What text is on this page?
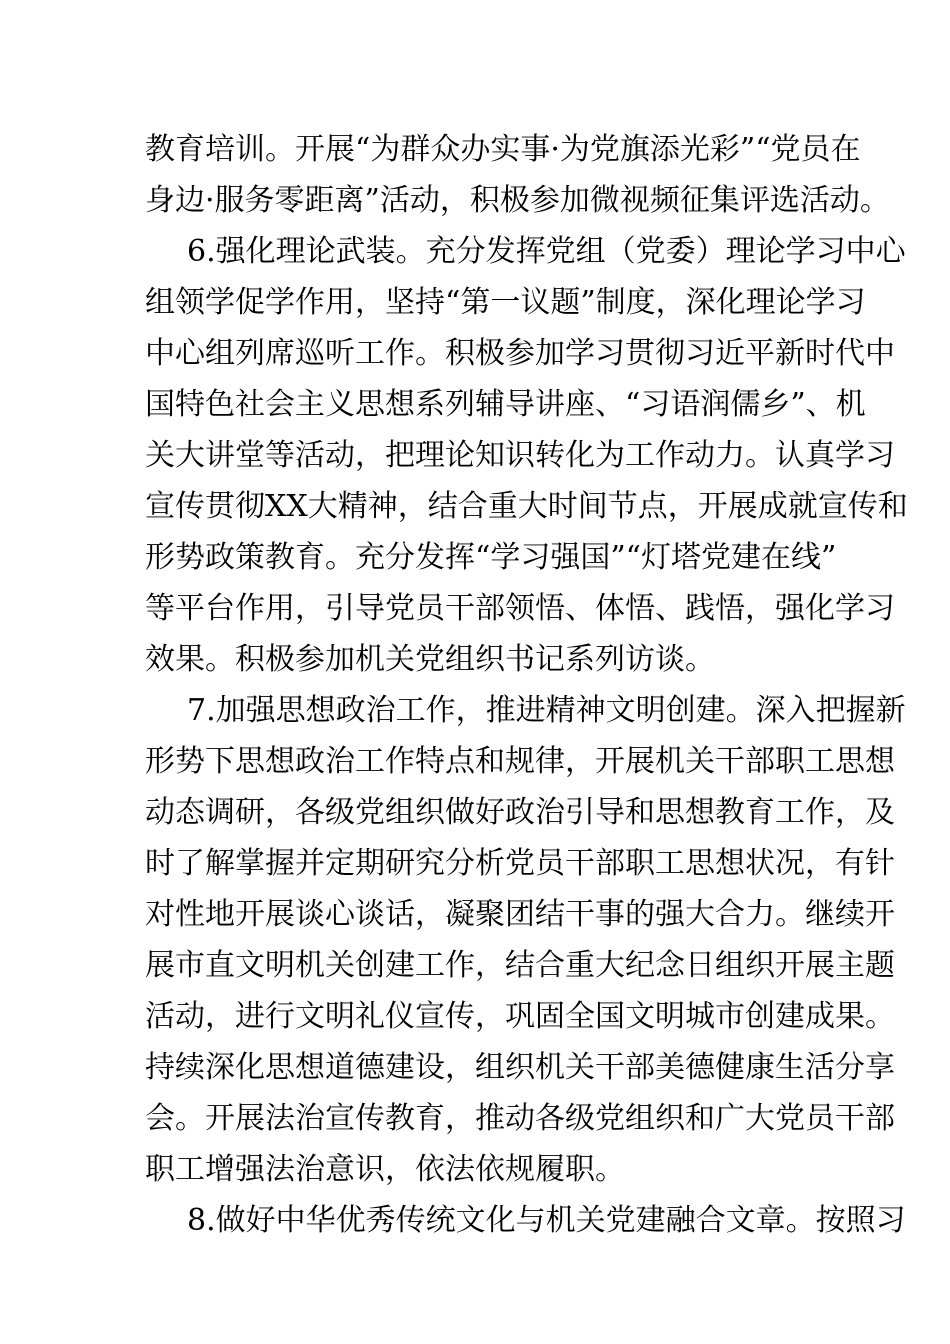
教育培训。开展“为群众办实事·为党旗添光彩”“党员在
身边·服务零距离”活动，积极参加微视频征集评选活动。
6.强化理论武装。充分发挥党组（党委）理论学习中心
组领学促学作用，坚持“第一议题”制度，深化理论学习
中心组列席巡听工作。积极参加学习贯彻习近平新时代中
国特色社会主义思想系列辅导讲座、“习语润儒乡”、机
关大讲堂等活动，把理论知识转化为工作动力。认真学习
宣传贯彻XX大精神，结合重大时间节点，开展成就宣传和
形势政策教育。充分发挥“学习强国”“灯塔党建在线”
等平台作用，引导党员干部领悟、体悟、践悟，强化学习
效果。积极参加机关党组织书记系列访谈。
7.加强思想政治工作，推进精神文明创建。深入把握新
形势下思想政治工作特点和规律，开展机关干部职工思想
动态调研，各级党组织做好政治引导和思想教育工作，及
时了解掌握并定期研究分析党员干部职工思想状况，有针
对性地开展谈心谈话，凝聚团结干事的强大合力。继续开
展市直文明机关创建工作，结合重大纪念日组织开展主题
活动，进行文明礼仪宣传，巩固全国文明城市创建成果。
持续深化思想道德建设，组织机关干部美德健康生活分享
会。开展法治宣传教育，推动各级党组织和广大党员干部
职工增强法治意识，依法依规履职。
8.做好中华优秀传统文化与机关党建融合文章。按照习
